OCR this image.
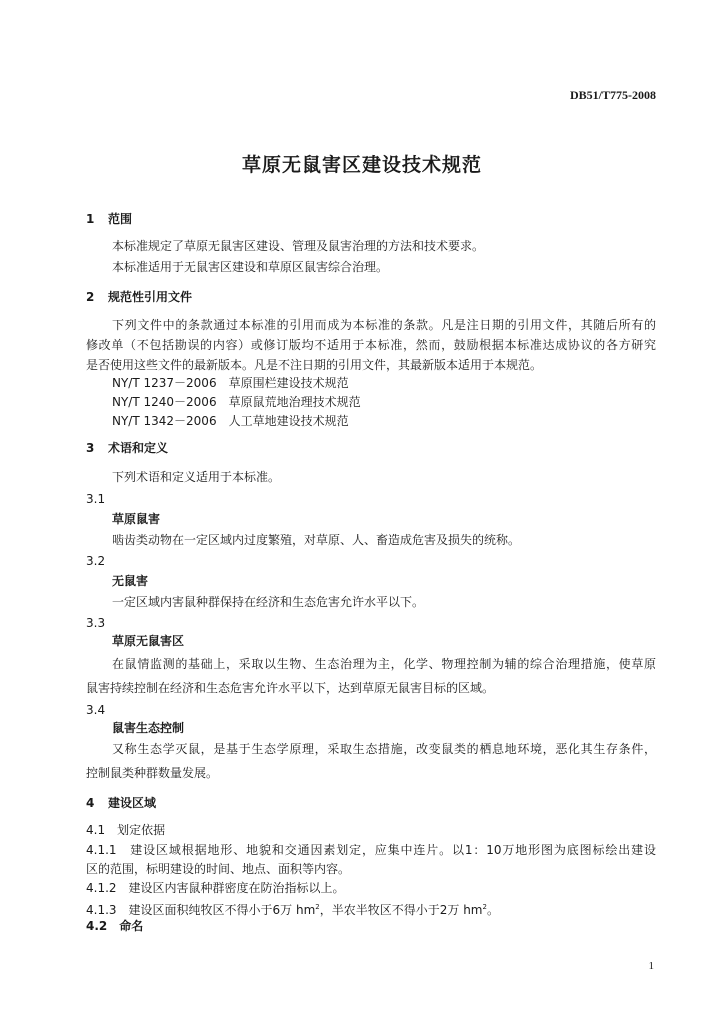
DB51/T775-2008
草原无鼠害区建设技术规范
1 范围
本标准规定了草原无鼠害区建设、管理及鼠害治理的方法和技术要求。
本标准适用于无鼠害区建设和草原区鼠害综合治理。
2 规范性引用文件
下列文件中的条款通过本标准的引用而成为本标准的条款。凡是注日期的引用文件，其随后所有的
修改单（不包括勘误的内容）或修订版均不适用于本标准，然而，鼓励根据本标准达成协议的各方研究
是否使用这些文件的最新版本。凡是不注日期的引用文件，其最新版本适用于本规范。
NY/T 1237－2006　草原围栏建设技术规范
NY/T 1240－2006　草原鼠荒地治理技术规范
NY/T 1342－2006　人工草地建设技术规范
3 术语和定义
下列术语和定义适用于本标准。
3.1
草原鼠害
啮齿类动物在一定区域内过度繁殖，对草原、人、畜造成危害及损失的统称。
3.2
无鼠害
一定区域内害鼠种群保持在经济和生态危害允许水平以下。
3.3
草原无鼠害区
在鼠情监测的基础上，采取以生物、生态治理为主，化学、物理控制为辅的综合治理措施，使草原
鼠害持续控制在经济和生态危害允许水平以下，达到草原无鼠害目标的区域。
3.4
鼠害生态控制
又称生态学灭鼠，是基于生态学原理，采取生态措施，改变鼠类的栖息地环境，恶化其生存条件，
控制鼠类种群数量发展。
4 建设区域
4.1　划定依据
4.1.1　建设区域根据地形、地貌和交通因素划定，应集中连片。以1：10万地形图为底图标绘出建设
区的范围，标明建设的时间、地点、面积等内容。
4.1.2　建设区内害鼠种群密度在防治指标以上。
4.1.3　建设区面积纯牧区不得小于6万 $hm^2$，半农半牧区不得小于2万 $hm^2$。
4.2　命名
1
